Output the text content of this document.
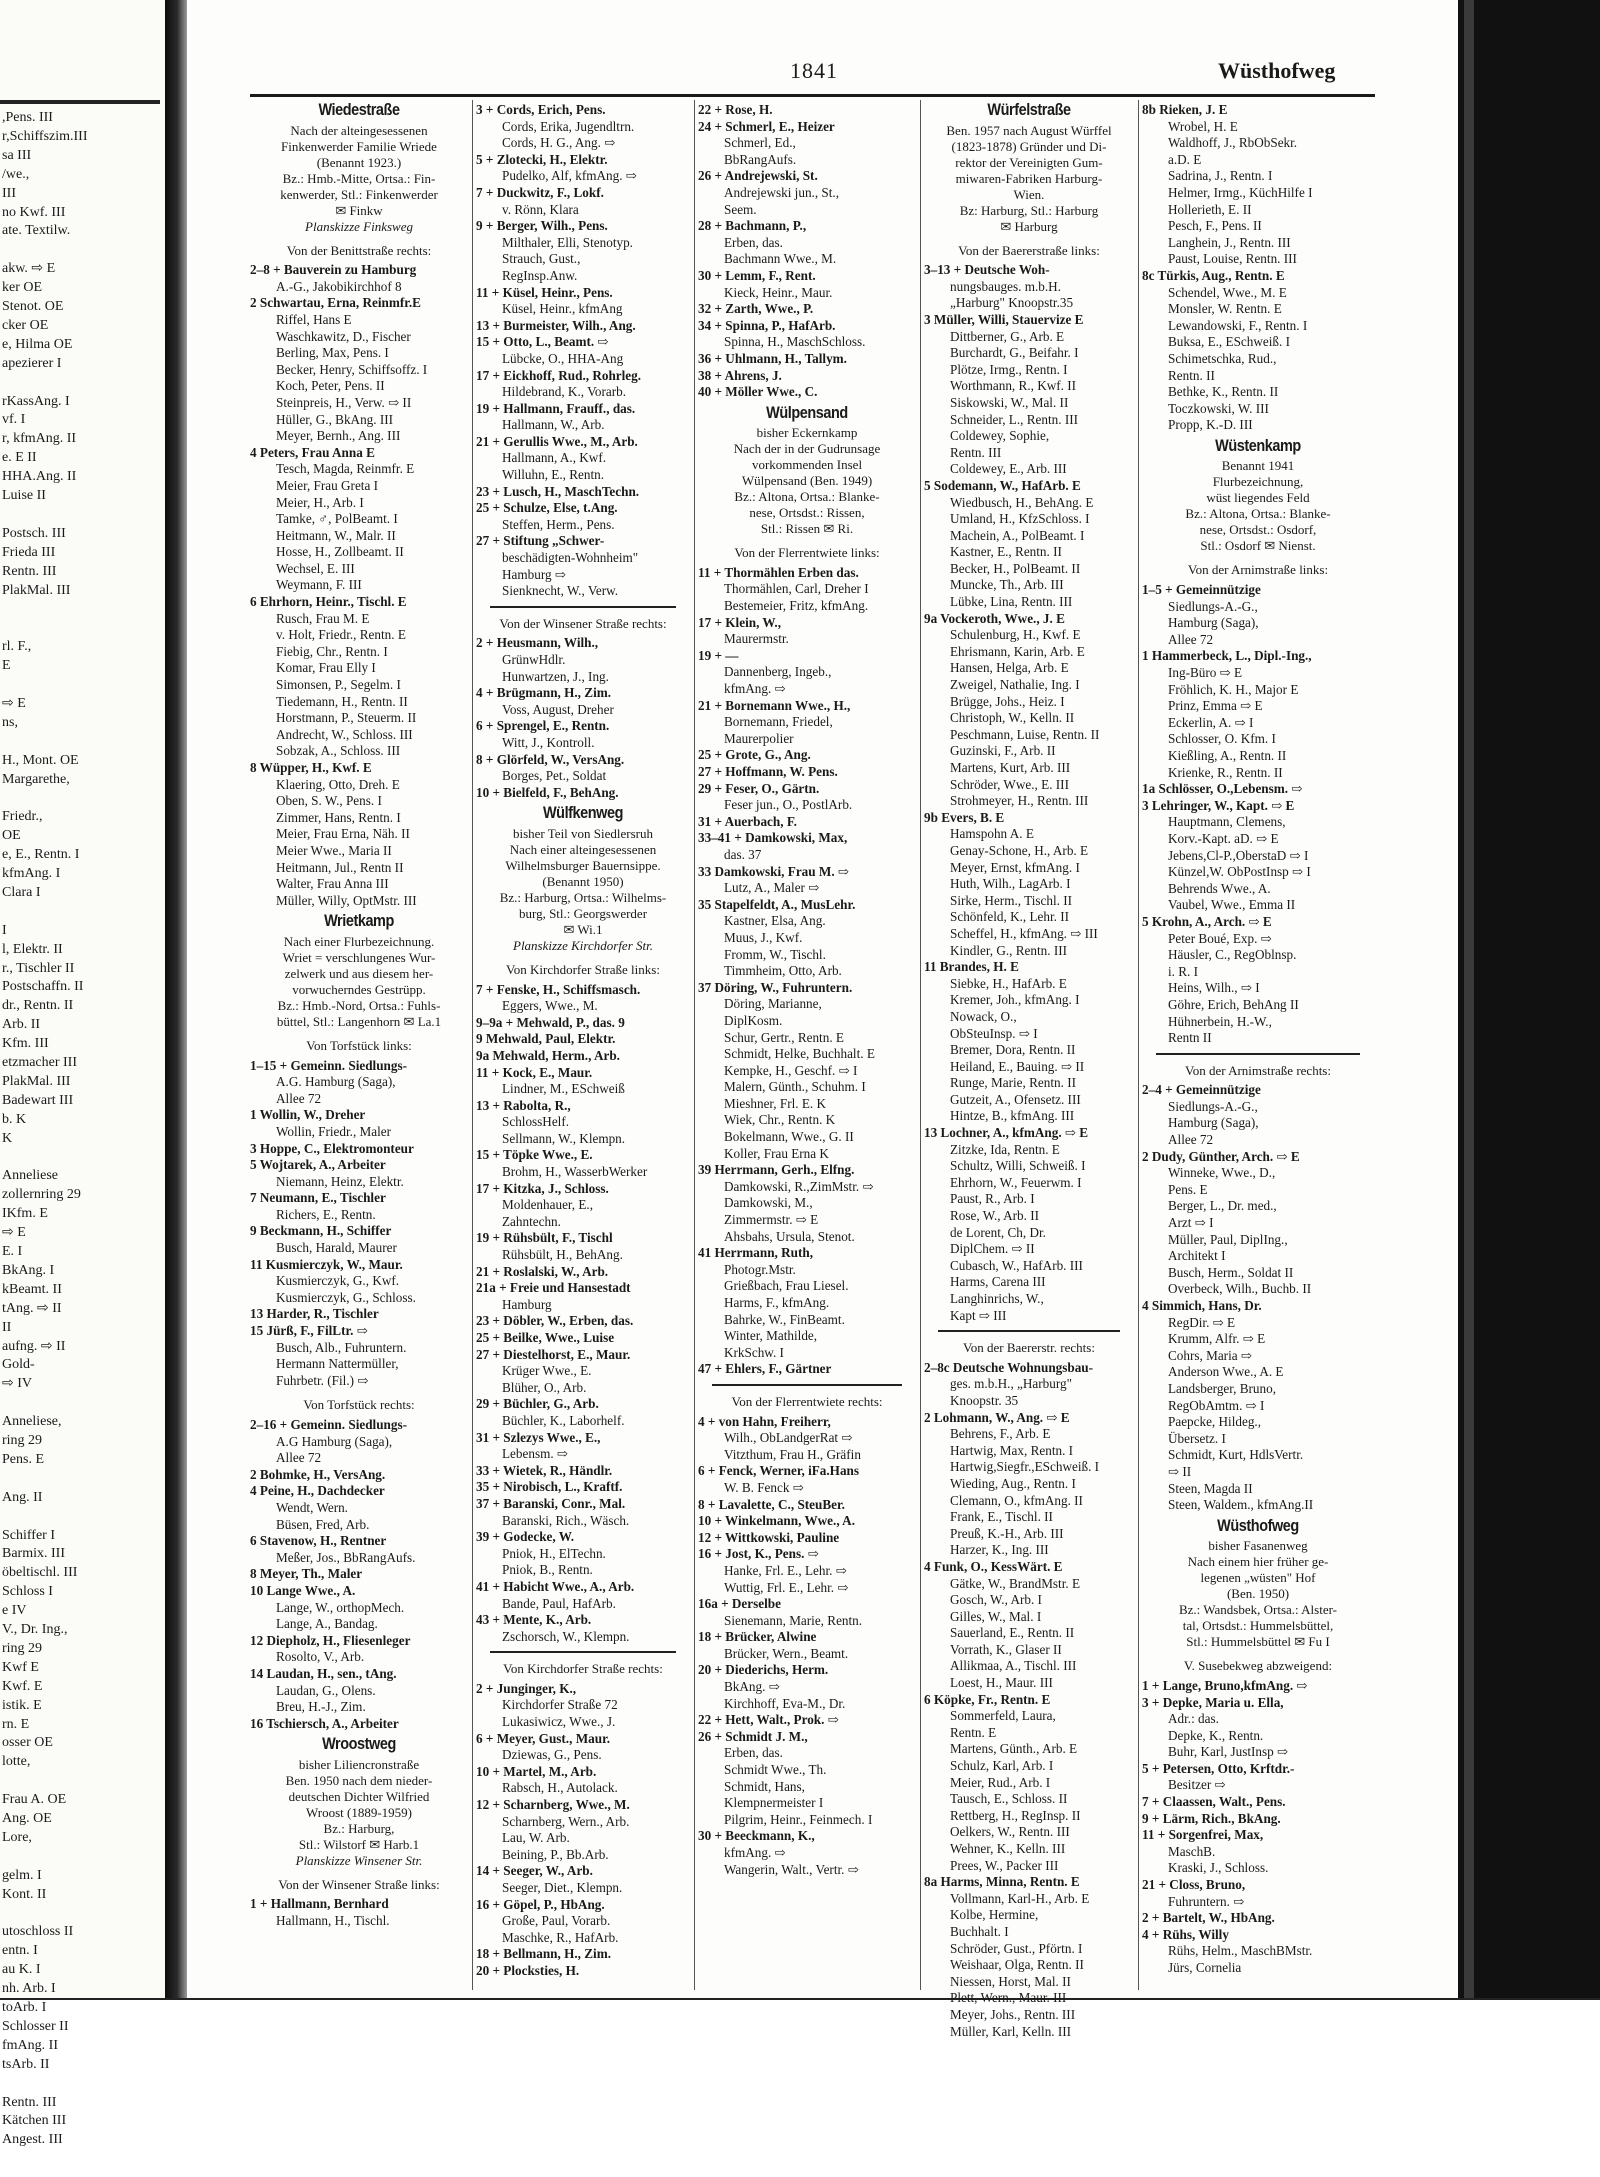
,Pens. III
r,Schiffszim.III
sa III
/we.,
III
no Kwf. III
ate. Textilw.
akw. ⇨ E
ker OE
Stenot. OE
cker OE
e, Hilma OE
apezierer I
rKassAng. I
vf. I
r, kfmAng. II
e. E II
HHA.Ang. II
Luise II
Postsch. III
Frieda III
Rentn. III
PlakMal. III
rl. F.,
E
⇨ E
ns,
H., Mont. OE
Margarethe,
Friedr.,
OE
e, E., Rentn. I
kfmAng. I
Clara I
I
l, Elektr. II
r., Tischler II
Postschaffn. II
dr., Rentn. II
Arb. II
Kfm. III
etzmacher III
PlakMal. III
Badewart III
b. K
K
Anneliese
zollernring 29
IKfm. E
⇨ E
E. I
BkAng. I
kBeamt. II
tAng. ⇨ II
II
aufng. ⇨ II
Gold-
⇨ IV
Anneliese,
ring 29
Pens. E
Ang. II
Schiffer I
Barmix. III
öbeltischl. III
Schloss I
e IV
V., Dr. Ing.,
ring 29
Kwf E
Kwf. E
istik. E
rn. E
osser OE
lotte,
Frau A. OE
Ang. OE
Lore,
gelm. I
Kont. II
utoschloss II
entn. I
au K. I
nh. Arb. I
toArb. I
Schlosser II
fmAng. II
tsArb. II
Rentn. III
Kätchen III
Angest. III
1841	Wüsthofweg
Wiedestraße
Nach der alteingesessenen
Finkenwerder Familie Wriede
(Benannt 1923.)
Bz.: Hmb.-Mitte, Ortsa.: Fin-
kenwerder, Stl.: Finkenwerder
✉ Finkw
Planskizze Finksweg
Von der Benittstraße rechts:
2–8 + Bauverein zu Hamburg
A.-G., Jakobikirchhof 8
2 Schwartau, Erna, Reinmfr.E
Riffel, Hans E
Waschkawitz, D., Fischer
Berling, Max, Pens. I
Becker, Henry, Schiffsoffz. I
Koch, Peter, Pens. II
Steinpreis, H., Verw. ⇨ II
Hüller, G., BkAng. III
Meyer, Bernh., Ang. III
4 Peters, Frau Anna E
Tesch, Magda, Reinmfr. E
Meier, Frau Greta I
Meier, H., Arb. I
Tamke, ♂, PolBeamt. I
Heitmann, W., Malr. II
Hosse, H., Zollbeamt. II
Wechsel, E. III
Weymann, F. III
6 Ehrhorn, Heinr., Tischl. E
Rusch, Frau M. E
v. Holt, Friedr., Rentn. E
Fiebig, Chr., Rentn. I
Komar, Frau Elly I
Simonsen, P., Segelm. I
Tiedemann, H., Rentn. II
Horstmann, P., Steuerm. II
Andrecht, W., Schloss. III
Sobzak, A., Schloss. III
8 Wüpper, H., Kwf. E
Klaering, Otto, Dreh. E
Oben, S. W., Pens. I
Zimmer, Hans, Rentn. I
Meier, Frau Erna, Näh. II
Meier Wwe., Maria II
Heitmann, Jul., Rentn II
Walter, Frau Anna III
Müller, Willy, OptMstr. III
Wrietkamp
Nach einer Flurbezeichnung.
Wriet = verschlungenes Wur-
zelwerk und aus diesem her-
vorwucherndes Gestrüpp.
Bz.: Hmb.-Nord, Ortsa.: Fuhls-
büttel, Stl.: Langenhorn ✉ La.1
Von Torfstück links:
1–15 + Gemeinn. Siedlungs-
A.G. Hamburg (Saga),
Allee 72
1 Wollin, W., Dreher
Wollin, Friedr., Maler
3 Hoppe, C., Elektromonteur
5 Wojtarek, A., Arbeiter
Niemann, Heinz, Elektr.
7 Neumann, E., Tischler
Richers, E., Rentn.
9 Beckmann, H., Schiffer
Busch, Harald, Maurer
11 Kusmierczyk, W., Maur.
Kusmierczyk, G., Kwf.
Kusmierczyk, G., Schloss.
13 Harder, R., Tischler
15 Jürß, F., FilLtr. ⇨
Busch, Alb., Fuhruntern.
Hermann Nattermüller,
Fuhrbetr. (Fil.) ⇨
Von Torfstück rechts:
2–16 + Gemeinn. Siedlungs-
A.G Hamburg (Saga),
Allee 72
2 Bohmke, H., VersAng.
4 Peine, H., Dachdecker
Wendt, Wern.
Büsen, Fred, Arb.
6 Stavenow, H., Rentner
Meßer, Jos., BbRangAufs.
8 Meyer, Th., Maler
10 Lange Wwe., A.
Lange, W., orthopMech.
Lange, A., Bandag.
12 Diepholz, H., Fliesenleger
Rosolto, V., Arb.
14 Laudan, H., sen., tAng.
Laudan, G., Olens.
Breu, H.-J., Zim.
16 Tschiersch, A., Arbeiter
Wroostweg
bisher Liliencronstraße
Ben. 1950 nach dem nieder-
deutschen Dichter Wilfried
Wroost (1889-1959)
Bz.: Harburg,
Stl.: Wilstorf ✉ Harb.1
Planskizze Winsener Str.
Von der Winsener Straße links:
1 + Hallmann, Bernhard
Hallmann, H., Tischl.
3 + Cords, Erich, Pens.
Cords, Erika, Jugendltrn.
Cords, H. G., Ang. ⇨
5 + Zlotecki, H., Elektr.
Pudelko, Alf, kfmAng. ⇨
7 + Duckwitz, F., Lokf.
v. Rönn, Klara
9 + Berger, Wilh., Pens.
Milthaler, Elli, Stenotyp.
Strauch, Gust.,
RegInsp.Anw.
11 + Küsel, Heinr., Pens.
Küsel, Heinr., kfmAng
13 + Burmeister, Wilh., Ang.
15 + Otto, L., Beamt. ⇨
Lübcke, O., HHA-Ang
17 + Eickhoff, Rud., Rohrleg.
Hildebrand, K., Vorarb.
19 + Hallmann, Frauff., das.
Hallmann, W., Arb.
21 + Gerullis Wwe., M., Arb.
Hallmann, A., Kwf.
Willuhn, E., Rentn.
23 + Lusch, H., MaschTechn.
25 + Schulze, Else, t.Ang.
Steffen, Herm., Pens.
27 + Stiftung „Schwer-
beschädigten-Wohnheim"
Hamburg ⇨
Sienknecht, W., Verw.
Von der Winsener Straße rechts:
2 + Heusmann, Wilh.,
GrünwHdlr.
Hunwartzen, J., Ing.
4 + Brügmann, H., Zim.
Voss, August, Dreher
6 + Sprengel, E., Rentn.
Witt, J., Kontroll.
8 + Glörfeld, W., VersAng.
Borges, Pet., Soldat
10 + Bielfeld, F., BehAng.
Wülfkenweg
bisher Teil von Siedlersruh
Nach einer alteingesessenen
Wilhelmsburger Bauernsippe.
(Benannt 1950)
Bz.: Harburg, Ortsa.: Wilhelms-
burg, Stl.: Georgswerder
✉ Wi.1
Planskizze Kirchdorfer Str.
Von Kirchdorfer Straße links:
7 + Fenske, H., Schiffsmasch.
Eggers, Wwe., M.
9–9a + Mehwald, P., das. 9
9 Mehwald, Paul, Elektr.
9a Mehwald, Herm., Arb.
11 + Kock, E., Maur.
Lindner, M., ESchweiß
13 + Rabolta, R.,
SchlossHelf.
Sellmann, W., Klempn.
15 + Töpke Wwe., E.
Brohm, H., WasserbWerker
17 + Kitzka, J., Schloss.
Moldenhauer, E.,
Zahntechn.
19 + Rühsbült, F., Tischl
Rühsbült, H., BehAng.
21 + Roslalski, W., Arb.
21a + Freie und Hansestadt
Hamburg
23 + Döbler, W., Erben, das.
25 + Beilke, Wwe., Luise
27 + Diestelhorst, E., Maur.
Krüger Wwe., E.
Blüher, O., Arb.
29 + Büchler, G., Arb.
Büchler, K., Laborhelf.
31 + Szlezys Wwe., E.,
Lebensm. ⇨
33 + Wietek, R., Händlr.
35 + Nirobisch, L., Kraftf.
37 + Baranski, Conr., Mal.
Baranski, Rich., Wäsch.
39 + Godecke, W.
Pniok, H., ElTechn.
Pniok, B., Rentn.
41 + Habicht Wwe., A., Arb.
Bande, Paul, HafArb.
43 + Mente, K., Arb.
Zschorsch, W., Klempn.
Von Kirchdorfer Straße rechts:
2 + Junginger, K.,
Kirchdorfer Straße 72
Lukasiwicz, Wwe., J.
6 + Meyer, Gust., Maur.
Dziewas, G., Pens.
10 + Martel, M., Arb.
Rabsch, H., Autolack.
12 + Scharnberg, Wwe., M.
Scharnberg, Wern., Arb.
Lau, W. Arb.
Beining, P., Bb.Arb.
14 + Seeger, W., Arb.
Seeger, Diet., Klempn.
16 + Göpel, P., HbAng.
Große, Paul, Vorarb.
Maschke, R., HafArb.
18 + Bellmann, H., Zim.
20 + Plocksties, H.
22 + Rose, H.
24 + Schmerl, E., Heizer
Schmerl, Ed.,
BbRangAufs.
26 + Andrejewski, St.
Andrejewski jun., St.,
Seem.
28 + Bachmann, P.,
Erben, das.
Bachmann Wwe., M.
30 + Lemm, F., Rent.
Kieck, Heinr., Maur.
32 + Zarth, Wwe., P.
34 + Spinna, P., HafArb.
Spinna, H., MaschSchloss.
36 + Uhlmann, H., Tallym.
38 + Ahrens, J.
40 + Möller Wwe., C.
Wülpensand
bisher Eckernkamp
Nach der in der Gudrunsage
vorkommenden Insel
Wülpensand (Ben. 1949)
Bz.: Altona, Ortsa.: Blanke-
nese, Ortsdst.: Rissen,
Stl.: Rissen ✉ Ri.
Von der Flerrentwiete links:
11 + Thormählen Erben das.
Thormählen, Carl, Dreher I
Bestemeier, Fritz, kfmAng.
17 + Klein, W.,
Maurermstr.
19 + —
Dannenberg, Ingeb.,
kfmAng. ⇨
21 + Bornemann Wwe., H.,
Bornemann, Friedel,
Maurerpolier
25 + Grote, G., Ang.
27 + Hoffmann, W. Pens.
29 + Feser, O., Gärtn.
Feser jun., O., PostlArb.
31 + Auerbach, F.
33–41 + Damkowski, Max,
das. 37
33 Damkowski, Frau M. ⇨
Lutz, A., Maler ⇨
35 Stapelfeldt, A., MusLehr.
Kastner, Elsa, Ang.
Muus, J., Kwf.
Fromm, W., Tischl.
Timmheim, Otto, Arb.
37 Döring, W., Fuhruntern.
Döring, Marianne,
DiplKosm.
Schur, Gertr., Rentn. E
Schmidt, Helke, Buchhalt. E
Kempke, H., Geschf. ⇨ I
Malern, Günth., Schuhm. I
Mieshner, Frl. E. K
Wiek, Chr., Rentn. K
Bokelmann, Wwe., G. II
Koller, Frau Erna K
39 Herrmann, Gerh., Elfng.
Damkowski, R.,ZimMstr. ⇨
Damkowski, M.,
Zimmermstr. ⇨ E
Ahsbahs, Ursula, Stenot.
41 Herrmann, Ruth,
Photogr.Mstr.
Grießbach, Frau Liesel.
Harms, F., kfmAng.
Bahrke, W., FinBeamt.
Winter, Mathilde,
KrkSchw. I
47 + Ehlers, F., Gärtner
Von der Flerrentwiete rechts:
4 + von Hahn, Freiherr,
Wilh., ObLandgerRat ⇨
Vitzthum, Frau H., Gräfin
6 + Fenck, Werner, iFa.Hans
W. B. Fenck ⇨
8 + Lavalette, C., SteuBer.
10 + Winkelmann, Wwe., A.
12 + Wittkowski, Pauline
16 + Jost, K., Pens. ⇨
Hanke, Frl. E., Lehr. ⇨
Wuttig, Frl. E., Lehr. ⇨
16a + Derselbe
Sienemann, Marie, Rentn.
18 + Brücker, Alwine
Brücker, Wern., Beamt.
20 + Diederichs, Herm.
BkAng. ⇨
Kirchhoff, Eva-M., Dr.
22 + Hett, Walt., Prok. ⇨
26 + Schmidt J. M.,
Erben, das.
Schmidt Wwe., Th.
Schmidt, Hans,
Klempnermeister I
Pilgrim, Heinr., Feinmech. I
30 + Beeckmann, K.,
kfmAng. ⇨
Wangerin, Walt., Vertr. ⇨
Würfelstraße
Ben. 1957 nach August Würffel
(1823-1878) Gründer und Di-
rektor der Vereinigten Gum-
miwaren-Fabriken Harburg-
Wien.
Bz: Harburg, Stl.: Harburg
✉ Harburg
Von der Baererstraße links:
3–13 + Deutsche Woh-
nungsbauges. m.b.H.
„Harburg" Knoopstr.35
3 Müller, Willi, Stauervize E
Dittberner, G., Arb. E
Burchardt, G., Beifahr. I
Plötze, Irmg., Rentn. I
Worthmann, R., Kwf. II
Siskowski, W., Mal. II
Schneider, L., Rentn. III
Coldewey, Sophie,
Rentn. III
Coldewey, E., Arb. III
5 Sodemann, W., HafArb. E
Wiedbusch, H., BehAng. E
Umland, H., KfzSchloss. I
Machein, A., PolBeamt. I
Kastner, E., Rentn. II
Becker, H., PolBeamt. II
Muncke, Th., Arb. III
Lübke, Lina, Rentn. III
9a Vockeroth, Wwe., J. E
Schulenburg, H., Kwf. E
Ehrismann, Karin, Arb. E
Hansen, Helga, Arb. E
Zweigel, Nathalie, Ing. I
Brügge, Johs., Heiz. I
Christoph, W., Kelln. II
Peschmann, Luise, Rentn. II
Guzinski, F., Arb. II
Martens, Kurt, Arb. III
Schröder, Wwe., E. III
Strohmeyer, H., Rentn. III
9b Evers, B. E
Hamspohn A. E
Genay-Schone, H., Arb. E
Meyer, Ernst, kfmAng. I
Huth, Wilh., LagArb. I
Sirke, Herm., Tischl. II
Schönfeld, K., Lehr. II
Scheffel, H., kfmAng. ⇨ III
Kindler, G., Rentn. III
11 Brandes, H. E
Siebke, H., HafArb. E
Kremer, Joh., kfmAng. I
Nowack, O.,
ObSteuInsp. ⇨ I
Bremer, Dora, Rentn. II
Heiland, E., Bauing. ⇨ II
Runge, Marie, Rentn. II
Gutzeit, A., Ofensetz. III
Hintze, B., kfmAng. III
13 Lochner, A., kfmAng. ⇨ E
Zitzke, Ida, Rentn. E
Schultz, Willi, Schweiß. I
Ehrhorn, W., Feuerwm. I
Paust, R., Arb. I
Rose, W., Arb. II
de Lorent, Ch, Dr.
DiplChem. ⇨ II
Cubasch, W., HafArb. III
Harms, Carena III
Langhinrichs, W.,
Kapt ⇨ III
Von der Baererstr. rechts:
2–8c Deutsche Wohnungsbau-
ges. m.b.H., „Harburg"
Knoopstr. 35
2 Lohmann, W., Ang. ⇨ E
Behrens, F., Arb. E
Hartwig, Max, Rentn. I
Hartwig,Siegfr.,ESchweiß. I
Wieding, Aug., Rentn. I
Clemann, O., kfmAng. II
Frank, E., Tischl. II
Preuß, K.-H., Arb. III
Harzer, K., Ing. III
4 Funk, O., KessWärt. E
Gätke, W., BrandMstr. E
Gosch, W., Arb. I
Gilles, W., Mal. I
Sauerland, E., Rentn. II
Vorrath, K., Glaser II
Allikmaa, A., Tischl. III
Loest, H., Maur. III
6 Köpke, Fr., Rentn. E
Sommerfeld, Laura,
Rentn. E
Martens, Günth., Arb. E
Schulz, Karl, Arb. I
Meier, Rud., Arb. I
Tausch, E., Schloss. II
Rettberg, H., RegInsp. II
Oelkers, W., Rentn. III
Wehner, K., Kelln. III
Prees, W., Packer III
8a Harms, Minna, Rentn. E
Vollmann, Karl-H., Arb. E
Kolbe, Hermine,
Buchhalt. I
Schröder, Gust., Pförtn. I
Weishaar, Olga, Rentn. II
Niessen, Horst, Mal. II
Plett, Wern., Maur. III
Meyer, Johs., Rentn. III
Müller, Karl, Kelln. III
8b Rieken, J. E
Wrobel, H. E
Waldhoff, J., RbObSekr.
a.D. E
Sadrina, J., Rentn. I
Helmer, Irmg., KüchHilfe I
Hollerieth, E. II
Pesch, F., Pens. II
Langhein, J., Rentn. III
Paust, Louise, Rentn. III
8c Türkis, Aug., Rentn. E
Schendel, Wwe., M. E
Monsler, W. Rentn. E
Lewandowski, F., Rentn. I
Buksa, E., ESchweiß. I
Schimetschka, Rud.,
Rentn. II
Bethke, K., Rentn. II
Toczkowski, W. III
Propp, K.-D. III
Wüstenkamp
Benannt 1941
Flurbezeichnung,
wüst liegendes Feld
Bz.: Altona, Ortsa.: Blanke-
nese, Ortsdst.: Osdorf,
Stl.: Osdorf ✉ Nienst.
Von der Arnimstraße links:
1–5 + Gemeinnützige
Siedlungs-A.-G.,
Hamburg (Saga),
Allee 72
1 Hammerbeck, L., Dipl.-Ing.,
Ing-Büro ⇨ E
Fröhlich, K. H., Major E
Prinz, Emma ⇨ E
Eckerlin, A. ⇨ I
Schlosser, O. Kfm. I
Kießling, A., Rentn. II
Krienke, R., Rentn. II
1a Schlösser, O.,Lebensm. ⇨
3 Lehringer, W., Kapt. ⇨ E
Hauptmann, Clemens,
Korv.-Kapt. aD. ⇨ E
Jebens,Cl-P.,OberstaD ⇨ I
Künzel,W. ObPostInsp ⇨ I
Behrends Wwe., A.
Vaubel, Wwe., Emma II
5 Krohn, A., Arch. ⇨ E
Peter Boué, Exp. ⇨
Häusler, C., RegOblnsp.
i. R. I
Heins, Wilh., ⇨ I
Göhre, Erich, BehAng II
Hühnerbein, H.-W.,
Rentn II
Von der Arnimstraße rechts:
2–4 + Gemeinnützige
Siedlungs-A.-G.,
Hamburg (Saga),
Allee 72
2 Dudy, Günther, Arch. ⇨ E
Winneke, Wwe., D.,
Pens. E
Berger, L., Dr. med.,
Arzt ⇨ I
Müller, Paul, DiplIng.,
Architekt I
Busch, Herm., Soldat II
Overbeck, Wilh., Buchb. II
4 Simmich, Hans, Dr.
RegDir. ⇨ E
Krumm, Alfr. ⇨ E
Cohrs, Maria ⇨
Anderson Wwe., A. E
Landsberger, Bruno,
RegObAmtm. ⇨ I
Paepcke, Hildeg.,
Übersetz. I
Schmidt, Kurt, HdlsVertr.
⇨ II
Steen, Magda II
Steen, Waldem., kfmAng.II
Wüsthofweg
bisher Fasanenweg
Nach einem hier früher ge-
legenen „wüsten" Hof
(Ben. 1950)
Bz.: Wandsbek, Ortsa.: Alster-
tal, Ortsdst.: Hummelsbüttel,
Stl.: Hummelsbüttel ✉ Fu I
V. Susebekweg abzweigend:
1 + Lange, Bruno,kfmAng. ⇨
3 + Depke, Maria u. Ella,
Adr.: das.
Depke, K., Rentn.
Buhr, Karl, JustInsp ⇨
5 + Petersen, Otto, Krftdr.-
Besitzer ⇨
7 + Claassen, Walt., Pens.
9 + Lärm, Rich., BkAng.
11 + Sorgenfrei, Max,
MaschB.
Kraski, J., Schloss.
21 + Closs, Bruno,
Fuhruntern. ⇨
2 + Bartelt, W., HbAng.
4 + Rühs, Willy
Rühs, Helm., MaschBMstr.
Jürs, Cornelia
